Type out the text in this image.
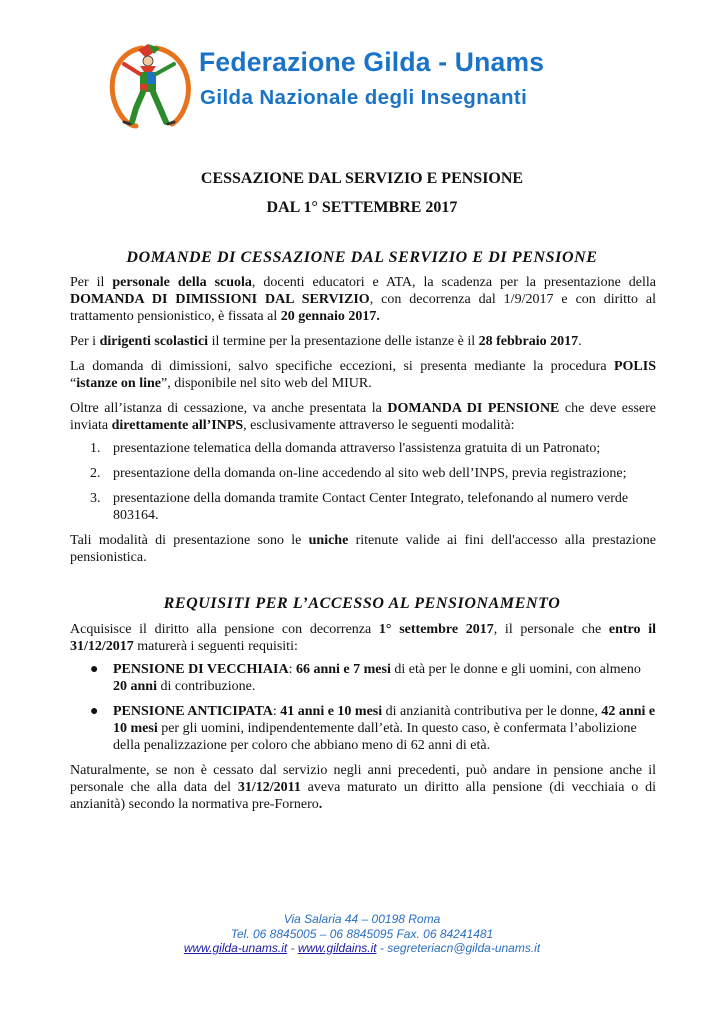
Federazione Gilda - Unams
Gilda Nazionale degli Insegnanti
CESSAZIONE DAL SERVIZIO E PENSIONE
DAL 1° SETTEMBRE 2017
DOMANDE DI CESSAZIONE DAL SERVIZIO E DI PENSIONE

Per il personale della scuola, docenti educatori e ATA, la scadenza per la presentazione della DOMANDA DI DIMISSIONI DAL SERVIZIO, con decorrenza dal 1/9/2017 e con diritto al trattamento pensionistico, è fissata al 20 gennaio 2017.

Per i dirigenti scolastici il termine per la presentazione delle istanze è il 28 febbraio 2017.

La domanda di dimissioni, salvo specifiche eccezioni, si presenta mediante la procedura POLIS “istanze on line”, disponibile nel sito web del MIUR.

Oltre all’istanza di cessazione, va anche presentata la DOMANDA DI PENSIONE che deve essere inviata direttamente all’INPS, esclusivamente attraverso le seguenti modalità:

1. presentazione telematica della domanda attraverso l'assistenza gratuita di un Patronato;
2. presentazione della domanda on-line accedendo al sito web dell’INPS, previa registrazione;
3. presentazione della domanda tramite Contact Center Integrato, telefonando al numero verde 803164.

Tali modalità di presentazione sono le uniche ritenute valide ai fini dell'accesso alla prestazione pensionistica.

REQUISITI PER L’ACCESSO AL PENSIONAMENTO

Acquisisce il diritto alla pensione con decorrenza 1° settembre 2017, il personale che entro il 31/12/2017 maturerà i seguenti requisiti:

● PENSIONE DI VECCHIAIA: 66 anni e 7 mesi di età per le donne e gli uomini, con almeno 20 anni di contribuzione.
● PENSIONE ANTICIPATA: 41 anni e 10 mesi di anzianità contributiva per le donne, 42 anni e 10 mesi per gli uomini, indipendentemente dall’età. In questo caso, è confermata l’abolizione della penalizzazione per coloro che abbiano meno di 62 anni di età.

Naturalmente, se non è cessato dal servizio negli anni precedenti, può andare in pensione anche il personale che alla data del 31/12/2011 aveva maturato un diritto alla pensione (di vecchiaia o di anzianità) secondo la normativa pre-Fornero.

Via Salaria 44 – 00198 Roma
Tel. 06 8845005 – 06 8845095 Fax. 06 84241481
www.gilda-unams.it - www.gildains.it - segreteriacn@gilda-unams.it
